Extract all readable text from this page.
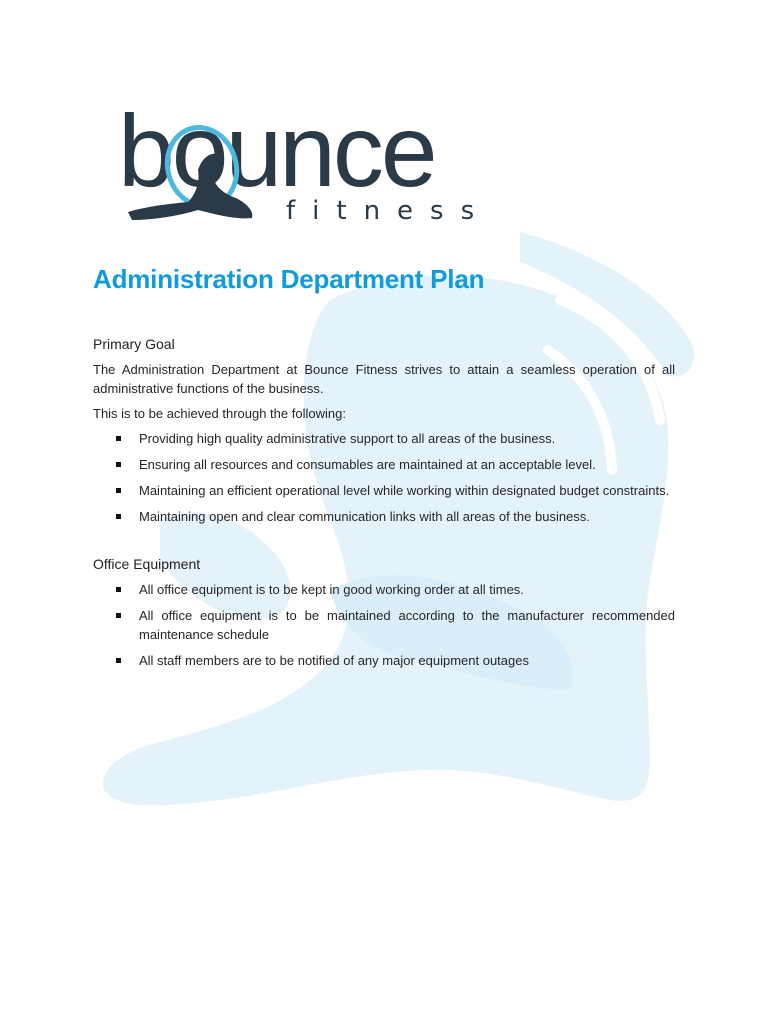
bounce
fitness
Administration Department Plan
Primary Goal

The Administration Department at Bounce Fitness strives to attain a seamless operation of all administrative functions of the business.

This is to be achieved through the following:

Providing high quality administrative support to all areas of the business.
Ensuring all resources and consumables are maintained at an acceptable level.
Maintaining an efficient operational level while working within designated budget constraints.
Maintaining open and clear communication links with all areas of the business.
Office Equipment
All office equipment is to be kept in good working order at all times.
All office equipment is to be maintained according to the manufacturer recommended maintenance schedule
All staff members are to be notified of any major equipment outages
